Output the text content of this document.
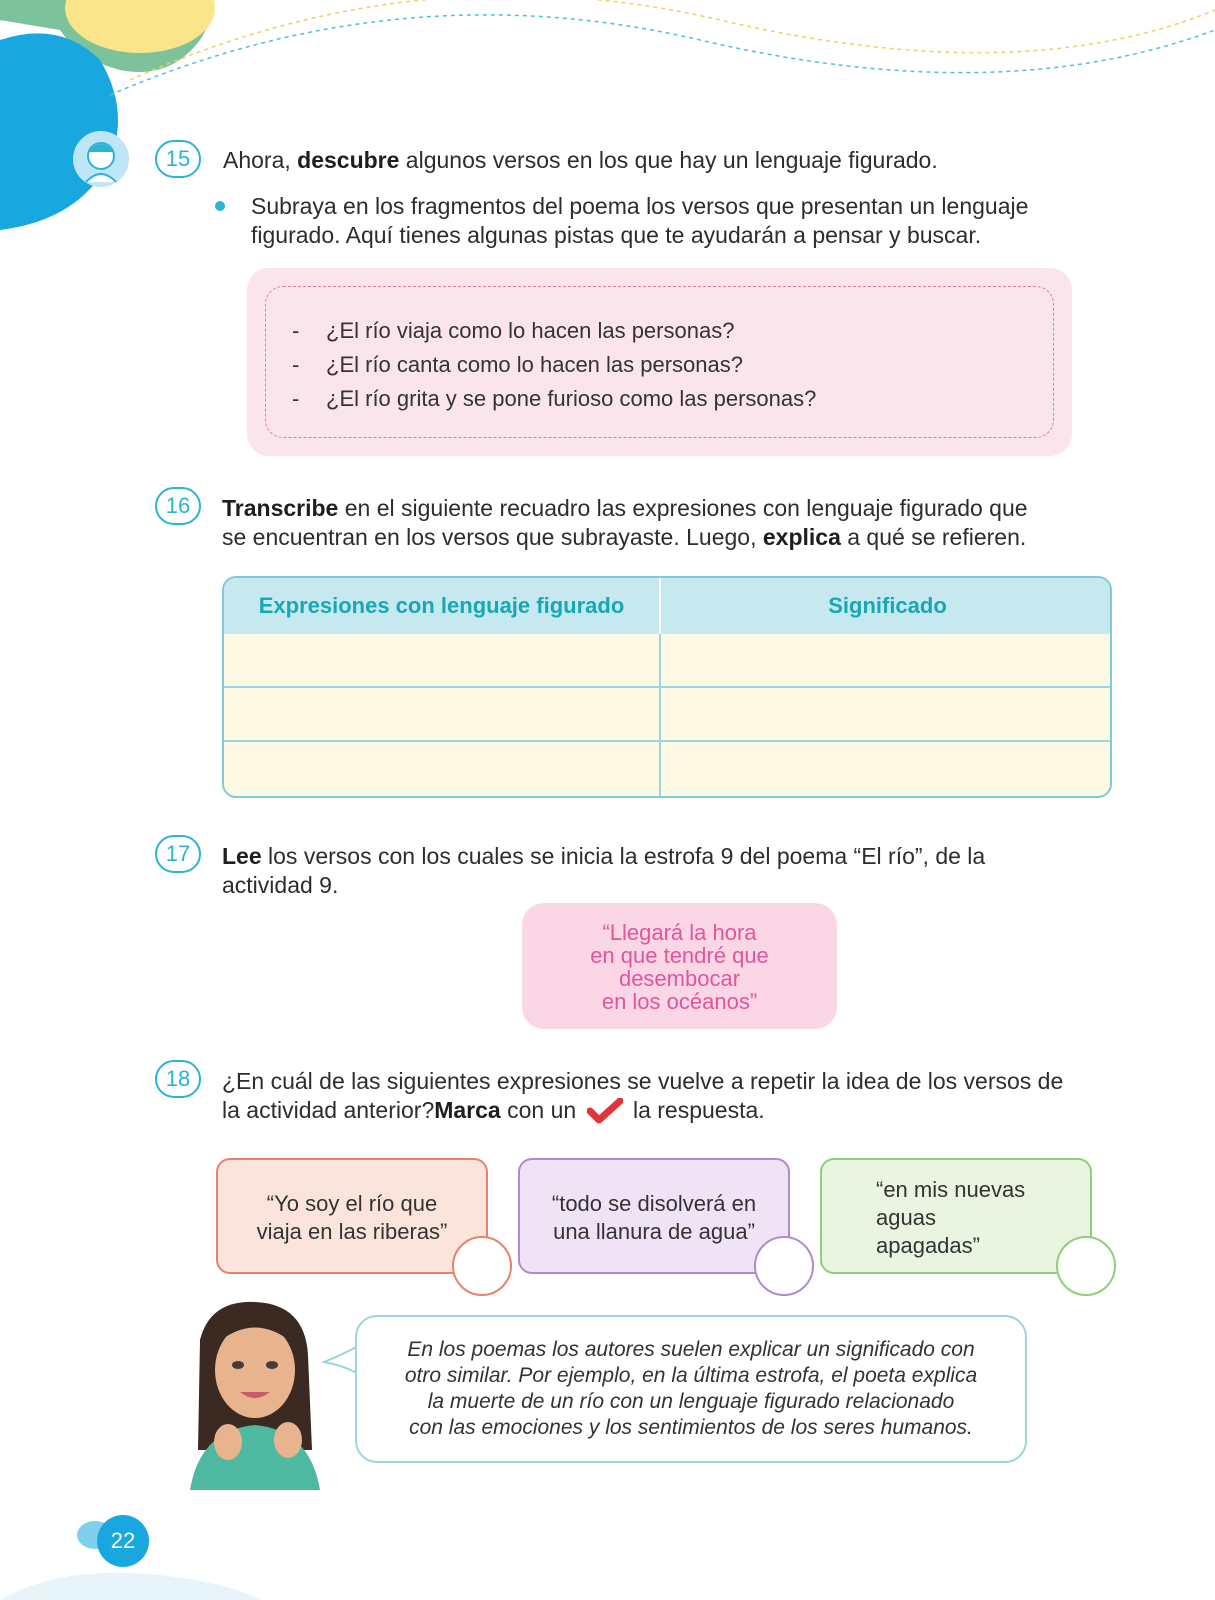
15	Ahora, descubre algunos versos en los que hay un lenguaje figurado.
Subraya en los fragmentos del poema los versos que presentan un lenguaje
figurado. Aquí tienes algunas pistas que te ayudarán a pensar y buscar.
-	¿El río viaja como lo hacen las personas?
-	¿El río canta como lo hacen las personas?
-	¿El río grita y se pone furioso como las personas?
16	Transcribe en el siguiente recuadro las expresiones con lenguaje figurado que
se encuentran en los versos que subrayaste. Luego, explica a qué se refieren.
Expresiones con lenguaje figurado	Significado
17	Lee los versos con los cuales se inicia la estrofa 9 del poema “El río”, de la
actividad 9.
“Llegará la hora
en que tendré que
desembocar
en los océanos”
18	¿En cuál de las siguientes expresiones se vuelve a repetir la idea de los versos de
la actividad anterior? Marca con un la respuesta.
“Yo soy el río que
viaja en las riberas”
“todo se disolverá en
una llanura de agua”
“en mis nuevas
aguas
apagadas”
En los poemas los autores suelen explicar un significado con
otro similar. Por ejemplo, en la última estrofa, el poeta explica
la muerte de un río con un lenguaje figurado relacionado
con las emociones y los sentimientos de los seres humanos.
22
